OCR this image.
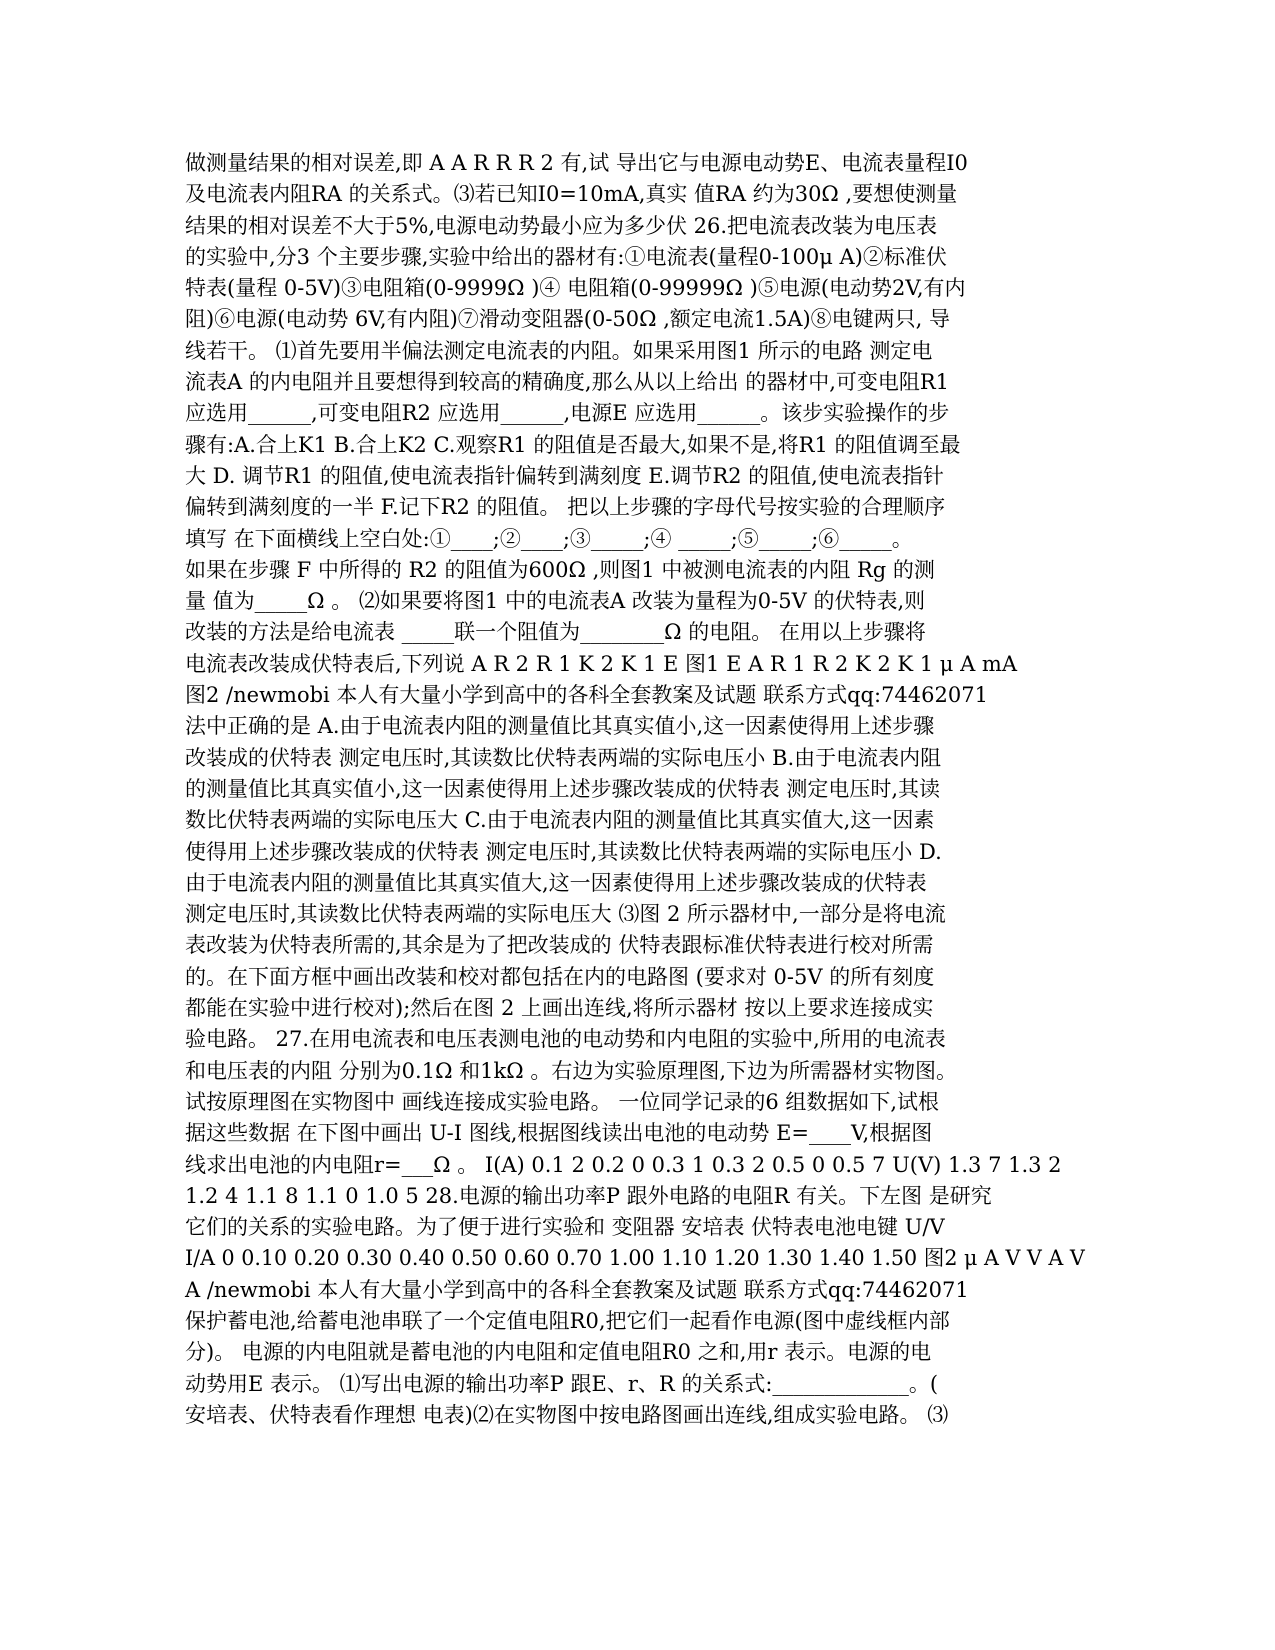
做测量结果的相对误差,即 A A R R R 2 有,试 导出它与电源电动势E、电流表量程I0
及电流表内阻RA 的关系式。⑶若已知I0=10mA,真实 值RA 约为30Ω ,要想使测量
结果的相对误差不大于5%,电源电动势最小应为多少伏 26.把电流表改装为电压表
的实验中,分3 个主要步骤,实验中给出的器材有:①电流表(量程0-100μ A)②标准伏
特表(量程 0-5V)③电阻箱(0-9999Ω )④ 电阻箱(0-99999Ω )⑤电源(电动势2V,有内
阻)⑥电源(电动势 6V,有内阻)⑦滑动变阻器(0-50Ω ,额定电流1.5A)⑧电键两只, 导
线若干。 ⑴首先要用半偏法测定电流表的内阻。如果采用图1 所示的电路 测定电
流表A 的内电阻并且要想得到较高的精确度,那么从以上给出 的器材中,可变电阻R1
应选用______,可变电阻R2 应选用______,电源E 应选用______。该步实验操作的步
骤有:A.合上K1 B.合上K2 C.观察R1 的阻值是否最大,如果不是,将R1 的阻值调至最
大 D. 调节R1 的阻值,使电流表指针偏转到满刻度 E.调节R2 的阻值,使电流表指针
偏转到满刻度的一半 F.记下R2 的阻值。 把以上步骤的字母代号按实验的合理顺序
填写 在下面横线上空白处:①____;②____;③_____;④ _____;⑤_____;⑥_____。
如果在步骤 F 中所得的 R2 的阻值为600Ω ,则图1 中被测电流表的内阻 Rg 的测
量 值为_____Ω 。 ⑵如果要将图1 中的电流表A 改装为量程为0-5V 的伏特表,则
改装的方法是给电流表 _____联一个阻值为________Ω 的电阻。 在用以上步骤将
电流表改装成伏特表后,下列说 A R 2 R 1 K 2 K 1 E 图1 E A R 1 R 2 K 2 K 1 μ A mA
图2 /newmobi 本人有大量小学到高中的各科全套教案及试题 联系方式qq:74462071
法中正确的是 A.由于电流表内阻的测量值比其真实值小,这一因素使得用上述步骤
改装成的伏特表 测定电压时,其读数比伏特表两端的实际电压小 B.由于电流表内阻
的测量值比其真实值小,这一因素使得用上述步骤改装成的伏特表 测定电压时,其读
数比伏特表两端的实际电压大 C.由于电流表内阻的测量值比其真实值大,这一因素
使得用上述步骤改装成的伏特表 测定电压时,其读数比伏特表两端的实际电压小 D.
由于电流表内阻的测量值比其真实值大,这一因素使得用上述步骤改装成的伏特表
测定电压时,其读数比伏特表两端的实际电压大 ⑶图 2 所示器材中,一部分是将电流
表改装为伏特表所需的,其余是为了把改装成的 伏特表跟标准伏特表进行校对所需
的。在下面方框中画出改装和校对都包括在内的电路图 (要求对 0-5V 的所有刻度
都能在实验中进行校对);然后在图 2 上画出连线,将所示器材 按以上要求连接成实
验电路。 27.在用电流表和电压表测电池的电动势和内电阻的实验中,所用的电流表
和电压表的内阻 分别为0.1Ω 和1kΩ 。右边为实验原理图,下边为所需器材实物图。
试按原理图在实物图中 画线连接成实验电路。 一位同学记录的6 组数据如下,试根
据这些数据 在下图中画出 U-I 图线,根据图线读出电池的电动势 E=____V,根据图
线求出电池的内电阻r=___Ω 。 I(A) 0.1 2 0.2 0 0.3 1 0.3 2 0.5 0 0.5 7 U(V) 1.3 7 1.3 2
1.2 4 1.1 8 1.1 0 1.0 5 28.电源的输出功率P 跟外电路的电阻R 有关。下左图 是研究
它们的关系的实验电路。为了便于进行实验和 变阻器 安培表 伏特表电池电键 U/V
I/A 0 0.10 0.20 0.30 0.40 0.50 0.60 0.70 1.00 1.10 1.20 1.30 1.40 1.50 图2 μ A V V A V
A /newmobi 本人有大量小学到高中的各科全套教案及试题 联系方式qq:74462071
保护蓄电池,给蓄电池串联了一个定值电阻R0,把它们一起看作电源(图中虚线框内部
分)。 电源的内电阻就是蓄电池的内电阻和定值电阻R0 之和,用r 表示。电源的电
动势用E 表示。 ⑴写出电源的输出功率P 跟E、r、R 的关系式:_____________。(
安培表、伏特表看作理想 电表)⑵在实物图中按电路图画出连线,组成实验电路。 ⑶
